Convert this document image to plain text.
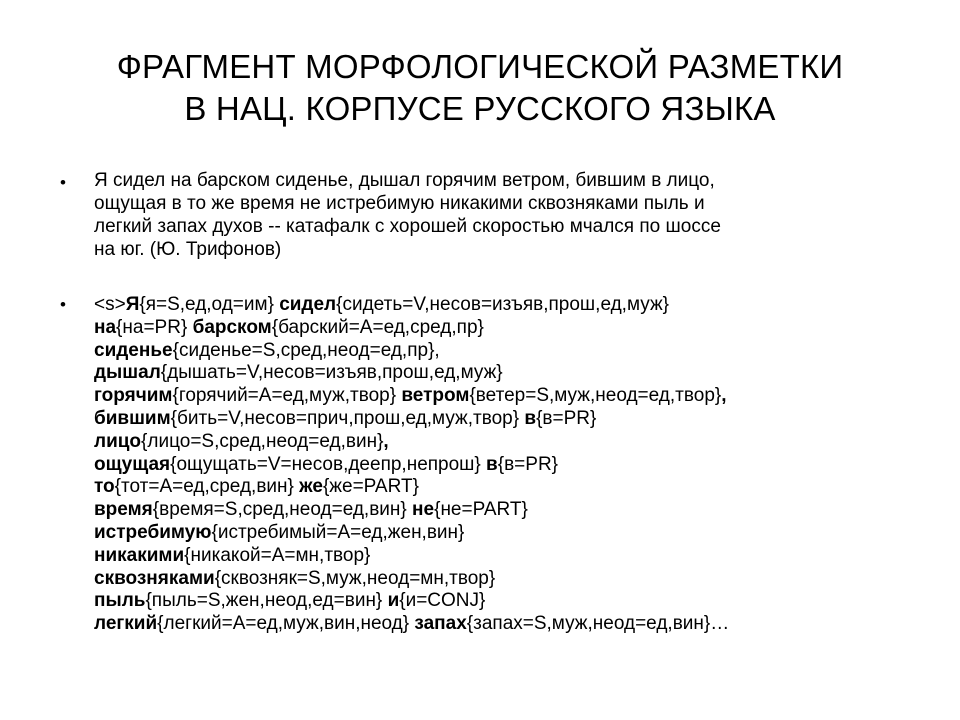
ФРАГМЕНТ МОРФОЛОГИЧЕСКОЙ РАЗМЕТКИ
В НАЦ. КОРПУСЕ РУССКОГО ЯЗЫКА
•	Я сидел на барском сиденье, дышал горячим ветром, бившим в лицо,
ощущая в то же время не истребимую никакими сквозняками пыль и
легкий запах духов -- катафалк с хорошей скоростью мчался по шоссе
на юг. (Ю. Трифонов)
•	<s>Я{я=S,ед,од=им} сидел{сидеть=V,несов=изъяв,прош,ед,муж}
на{на=PR} барском{барский=A=ед,сред,пр}
сиденье{сиденье=S,сред,неод=ед,пр},
дышал{дышать=V,несов=изъяв,прош,ед,муж}
горячим{горячий=A=ед,муж,твор} ветром{ветер=S,муж,неод=ед,твор},
бившим{бить=V,несов=прич,прош,ед,муж,твор} в{в=PR}
лицо{лицо=S,сред,неод=ед,вин},
ощущая{ощущать=V=несов,деепр,непрош} в{в=PR}
то{тот=A=ед,сред,вин} же{же=PART}
время{время=S,сред,неод=ед,вин} не{не=PART}
истребимую{истребимый=A=ед,жен,вин}
никакими{никакой=A=мн,твор}
сквозняками{сквозняк=S,муж,неод=мн,твор}
пыль{пыль=S,жен,неод,ед=вин} и{и=CONJ}
легкий{легкий=A=ед,муж,вин,неод} запах{запах=S,муж,неод=ед,вин}…
